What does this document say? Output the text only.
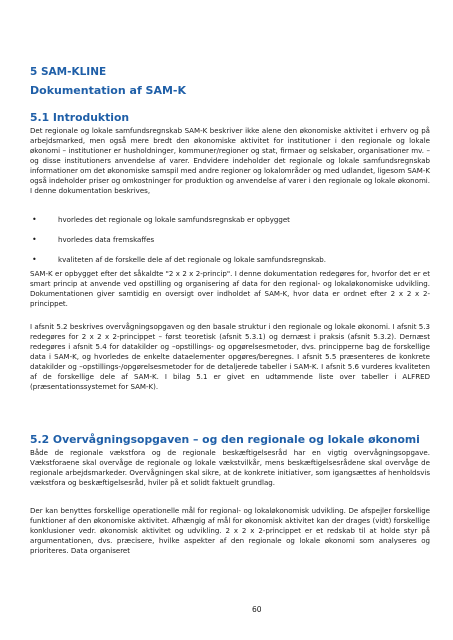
5 SAM-KLINE
Dokumentation af SAM-K
5.1 Introduktion

Det regionale og lokale samfundsregnskab SAM-K beskriver ikke alene den økonomiske aktivitet i erhverv og på arbejdsmarked, men også mere bredt den økonomiske aktivitet for institutioner i den regionale og lokale økonomi – institutioner er husholdninger, kommuner/regioner og stat, firmaer og selskaber, organisationer mv. – og disse institutioners anvendelse af varer. Endvidere indeholder det regionale og lokale samfundsregnskab informationer om det økonomiske samspil med andre regioner og lokalområder og med udlandet, ligesom SAM-K også indeholder priser og omkostninger for produktion og anvendelse af varer i den regionale og lokale økonomi. I denne dokumentation beskrives,

•	hvorledes det regionale og lokale samfundsregnskab er opbygget
•	hvorledes data fremskaffes
•	kvaliteten af de forskelle dele af det regionale og lokale samfundsregnskab.

SAM-K er opbygget efter det såkaldte "2 x 2 x 2-princip". I denne dokumentation redegøres for, hvorfor det er et smart princip at anvende ved opstilling og organisering af data for den regional- og lokaløkonomiske udvikling. Dokumentationen giver samtidig en oversigt over indholdet af SAM-K, hvor data er ordnet efter 2 x 2 x 2-princippet.

I afsnit 5.2 beskrives overvågningsopgaven og den basale struktur i den regionale og lokale økonomi. I afsnit 5.3 redegøres for 2 x 2 x 2-princippet – først teoretisk (afsnit 5.3.1) og dernæst i praksis (afsnit 5.3.2). Dernæst redegøres i afsnit 5.4 for datakilder og –opstillings- og opgørelsesmetoder, dvs. principperne bag de forskellige data i SAM-K, og hvorledes de enkelte dataelementer opgøres/beregnes. I afsnit 5.5 præsenteres de konkrete datakilder og –opstillings-/opgørelsesmetoder for de detaljerede tabeller i SAM-K. I afsnit 5.6 vurderes kvaliteten af de forskellige dele af SAM-K. I bilag 5.1 er givet en udtømmende liste over tabeller i ALFRED (præsentationssystemet for SAM-K).

5.2 Overvågningsopgaven – og den regionale og lokale økonomi

Både de regionale vækstfora og de regionale beskæftigelsesråd har en vigtig overvågningsopgave. Vækstforaene skal overvåge de regionale og lokale vækstvilkår, mens beskæftigelsesrådene skal overvåge de regionale arbejdsmarkeder. Overvågningen skal sikre, at de konkrete initiativer, som igangsættes af henholdsvis vækstfora og beskæftigelsesråd, hviler på et solidt faktuelt grundlag.

Der kan benyttes forskellige operationelle mål for regional- og lokaløkonomisk udvikling. De afspejler forskellige funktioner af den økonomiske aktivitet. Afhængig af mål for økonomisk aktivitet kan der drages (vidt) forskellige konklusioner vedr. økonomisk aktivitet og udvikling. 2 x 2 x 2-princippet er et redskab til at holde styr på argumentationen, dvs. præcisere, hvilke aspekter af den regionale og lokale økonomi som analyseres og prioriteres. Data organiseret

60
